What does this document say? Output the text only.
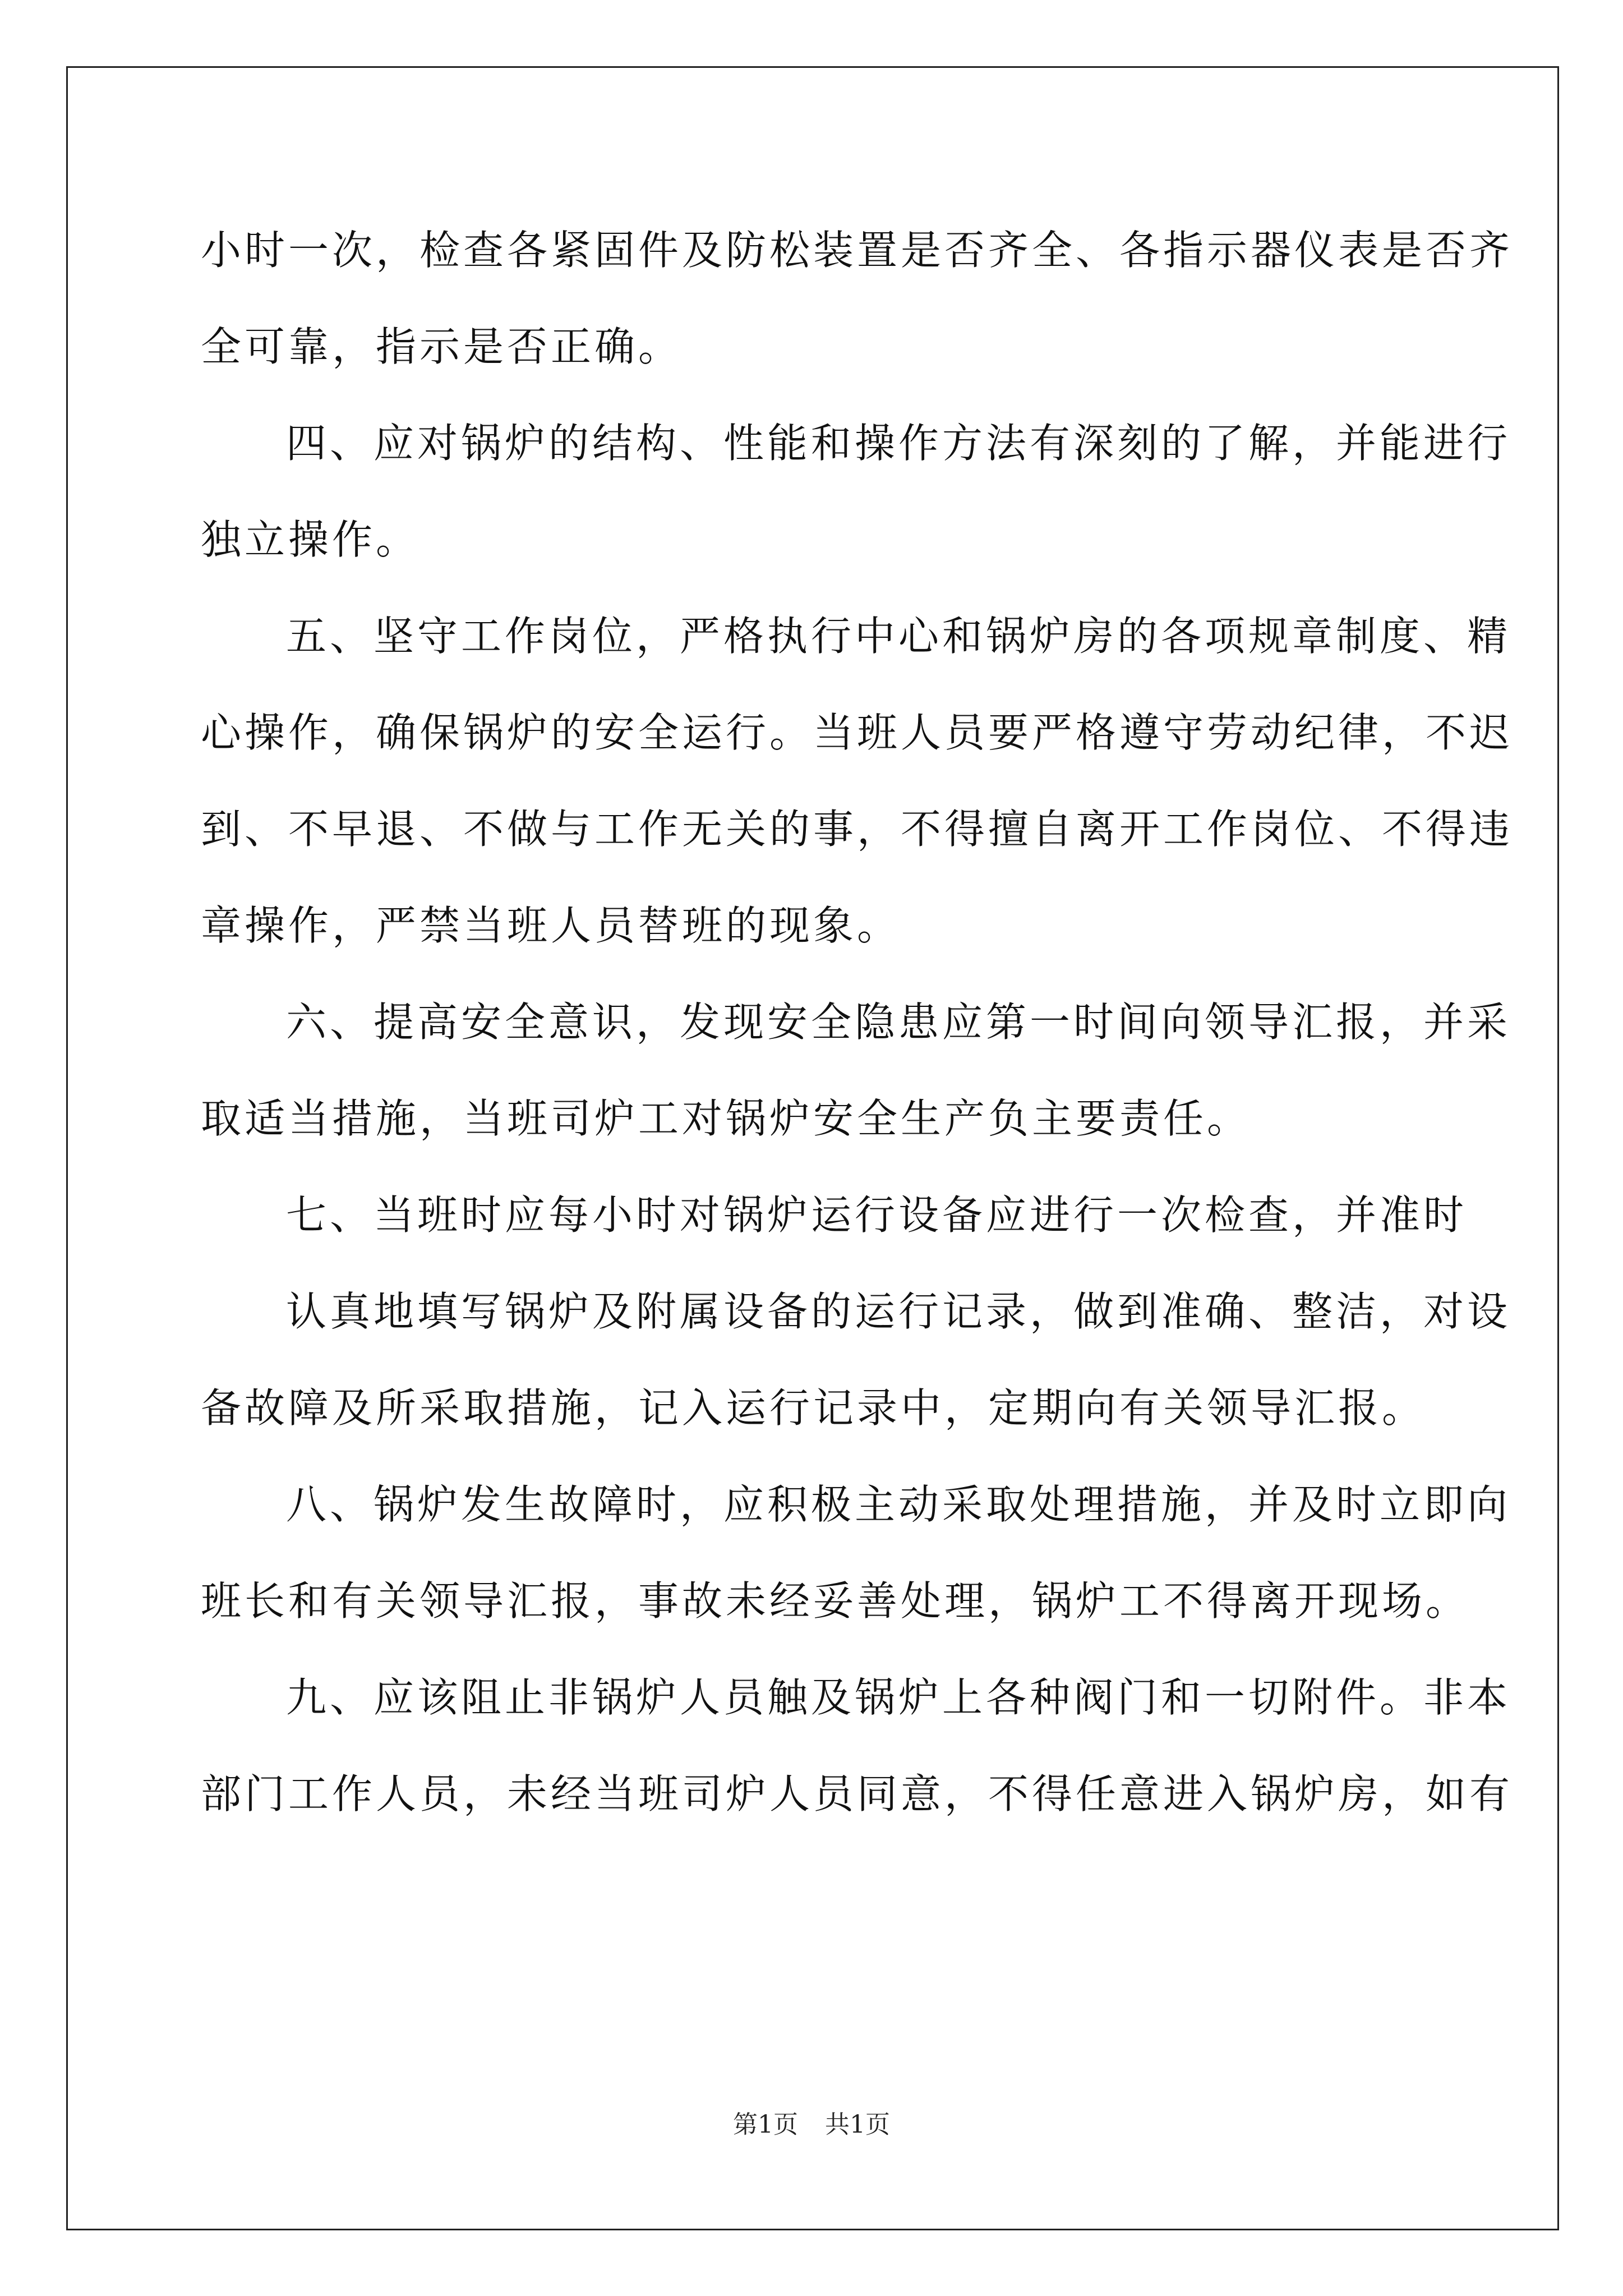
小时一次，检查各紧固件及防松装置是否齐全、各指示器仪表是否齐

全可靠，指示是否正确。

四、应对锅炉的结构、性能和操作方法有深刻的了解，并能进行

独立操作。

五、坚守工作岗位，严格执行中心和锅炉房的各项规章制度、精

心操作，确保锅炉的安全运行。当班人员要严格遵守劳动纪律，不迟

到、不早退、不做与工作无关的事，不得擅自离开工作岗位、不得违

章操作，严禁当班人员替班的现象。

六、提高安全意识，发现安全隐患应第一时间向领导汇报，并采

取适当措施，当班司炉工对锅炉安全生产负主要责任。

七、当班时应每小时对锅炉运行设备应进行一次检查，并准时

认真地填写锅炉及附属设备的运行记录，做到准确、整洁，对设

备故障及所采取措施，记入运行记录中，定期向有关领导汇报。

八、锅炉发生故障时，应积极主动采取处理措施，并及时立即向

班长和有关领导汇报，事故未经妥善处理，锅炉工不得离开现场。

九、应该阻止非锅炉人员触及锅炉上各种阀门和一切附件。非本

部门工作人员，未经当班司炉人员同意，不得任意进入锅炉房，如有

第1页 共1页
